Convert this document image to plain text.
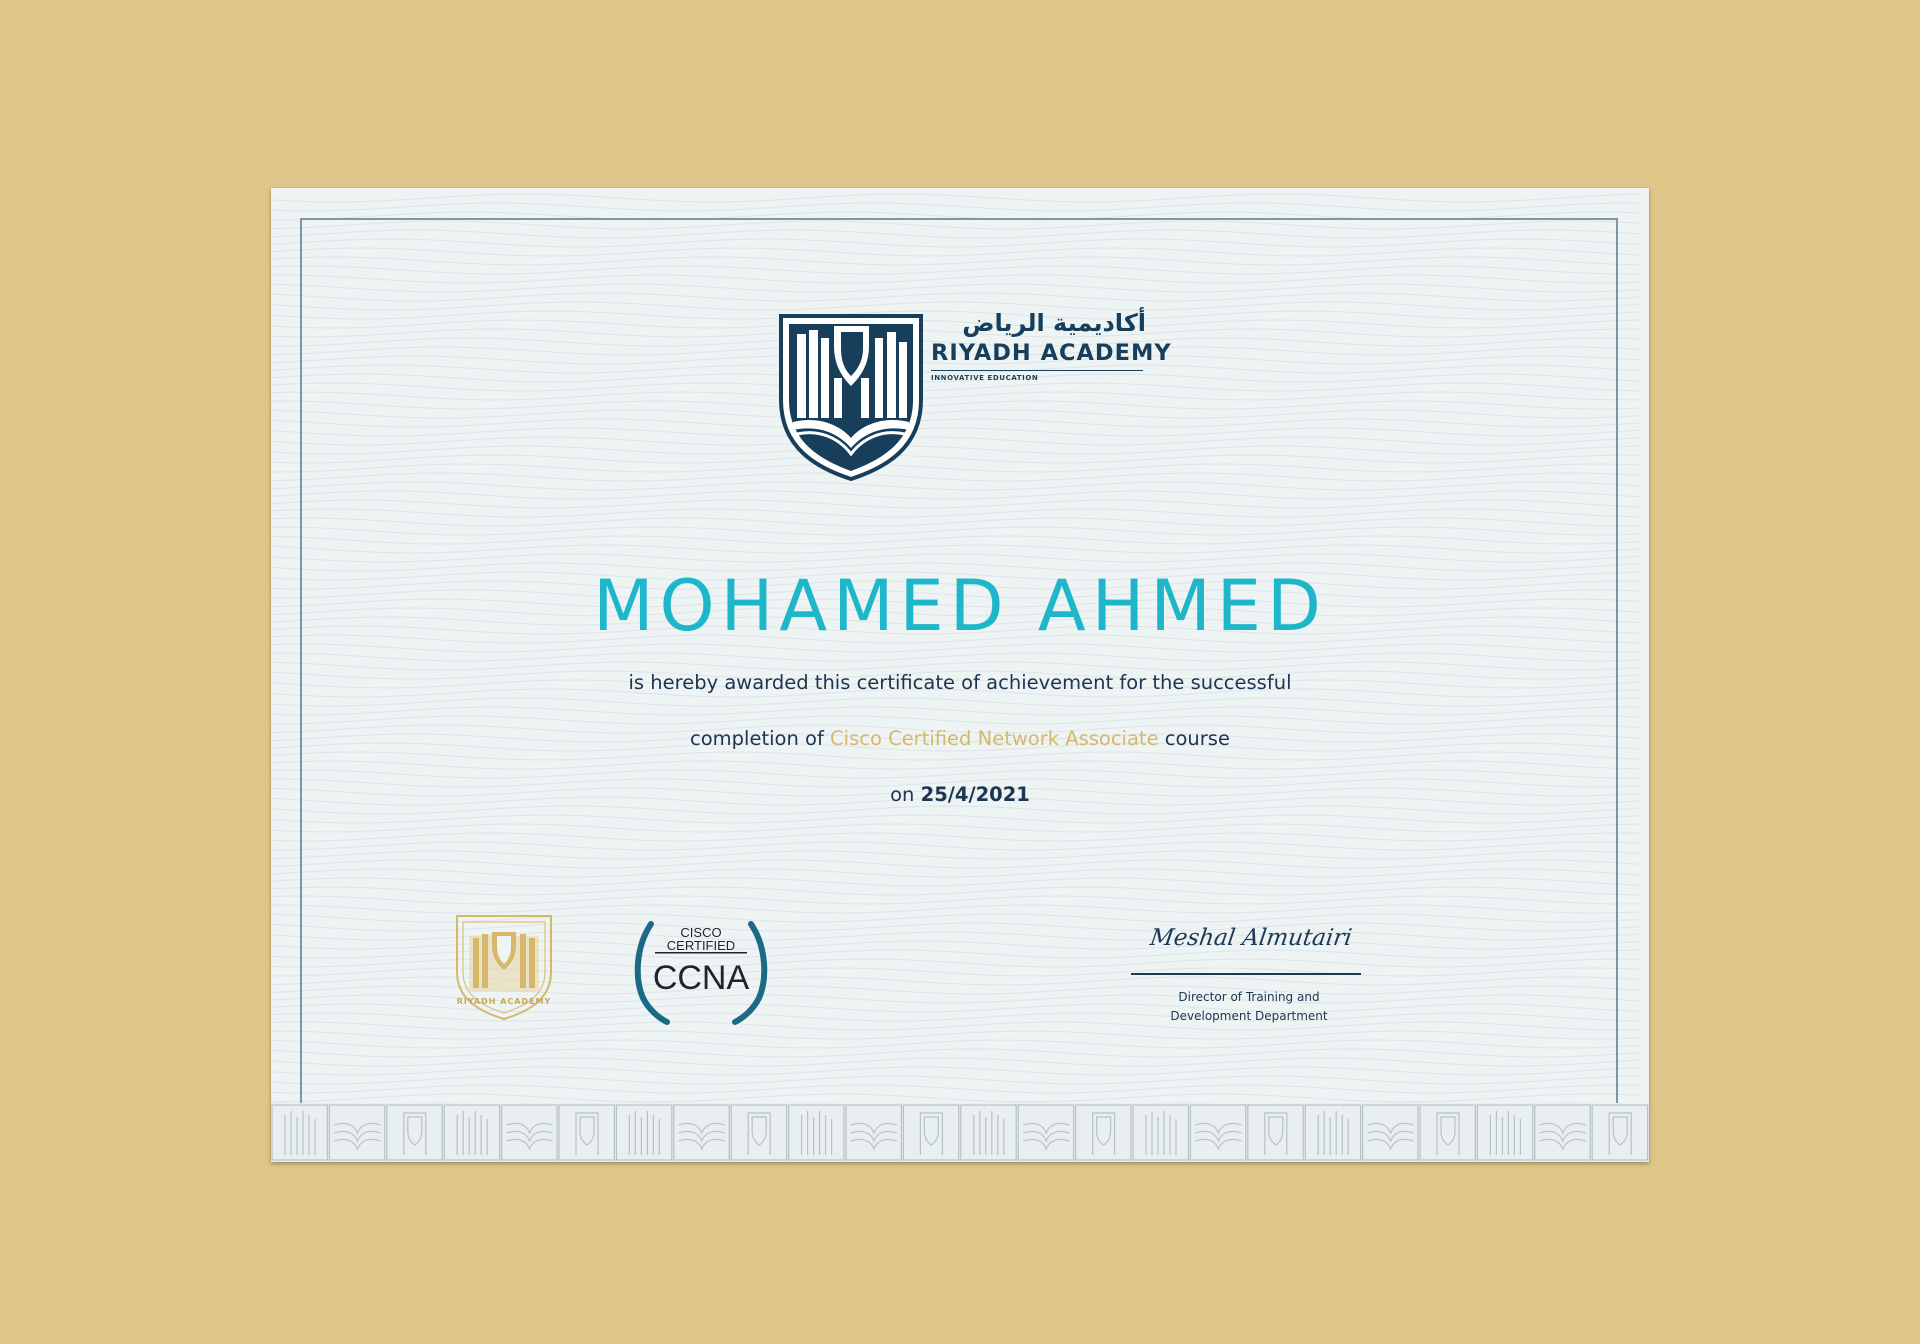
أكاديمية الرياض
RIYADH ACADEMY
INNOVATIVE EDUCATION
MOHAMED AHMED
is hereby awarded this certificate of achievement for the successful
completion of Cisco Certified Network Associate course
on 25/4/2021
RIYADH ACADEMY
CISCO
CERTIFIED
CCNA
Meshal Almutairi
Director of Training and
Development Department
